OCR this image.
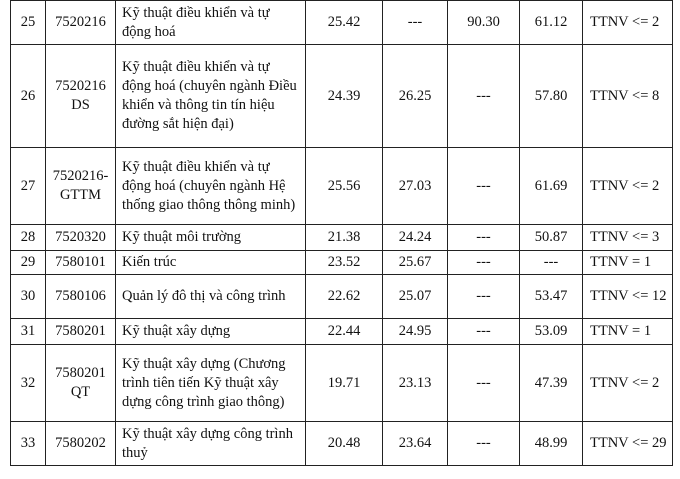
25	7520216	Kỹ thuật điều khiển và tự động hoá	25.42	---	90.30	61.12	TTNV <= 2
26	7520216 DS	Kỹ thuật điều khiển và tự động hoá (chuyên ngành Điều khiển và thông tin tín hiệu đường sắt hiện đại)	24.39	26.25	---	57.80	TTNV <= 8
27	7520216-GTTM	Kỹ thuật điều khiển và tự động hoá (chuyên ngành Hệ thống giao thông thông minh)	25.56	27.03	---	61.69	TTNV <= 2
28	7520320	Kỹ thuật môi trường	21.38	24.24	---	50.87	TTNV <= 3
29	7580101	Kiến trúc	23.52	25.67	---	---	TTNV = 1
30	7580106	Quản lý đô thị và công trình	22.62	25.07	---	53.47	TTNV <= 12
31	7580201	Kỹ thuật xây dựng	22.44	24.95	---	53.09	TTNV = 1
32	7580201 QT	Kỹ thuật xây dựng (Chương trình tiên tiến Kỹ thuật xây dựng công trình giao thông)	19.71	23.13	---	47.39	TTNV <= 2
33	7580202	Kỹ thuật xây dựng công trình thuỷ	20.48	23.64	---	48.99	TTNV <= 29
